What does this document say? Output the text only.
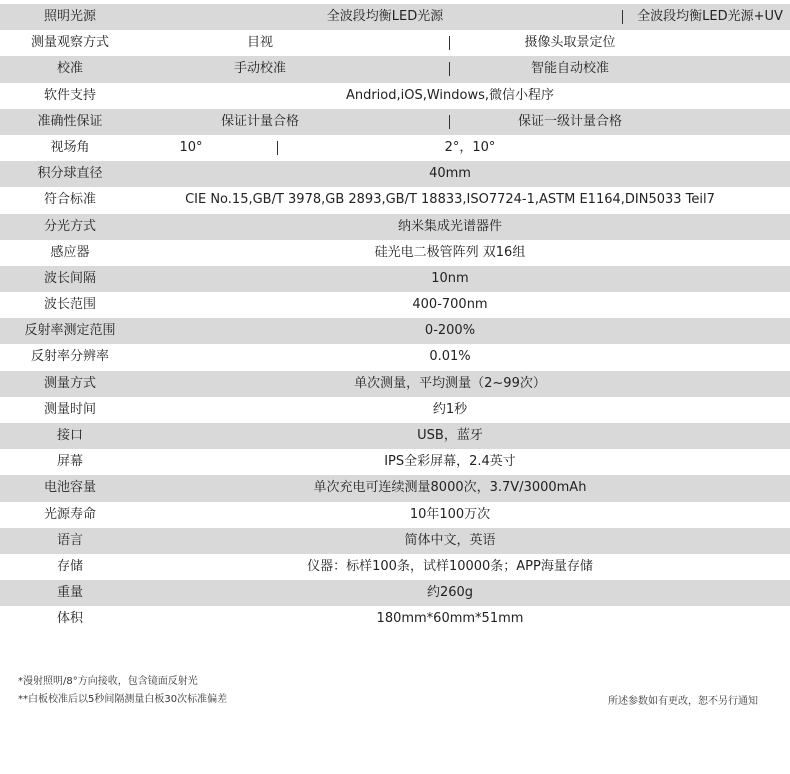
照明光源	全波段均衡LED光源	全波段均衡LED光源+UV
测量观察方式	目视	摄像头取景定位
校准	手动校准	智能自动校准
软件支持	Andriod,iOS,Windows,微信小程序
准确性保证	保证计量合格	保证一级计量合格
视场角	10°	2°，10°
积分球直径	40mm
符合标准	CIE No.15,GB/T 3978,GB 2893,GB/T 18833,ISO7724-1,ASTM E1164,DIN5033 Teil7
分光方式	纳米集成光谱器件
感应器	硅光电二极管阵列 双16组
波长间隔	10nm
波长范围	400-700nm
反射率测定范围	0-200%
反射率分辨率	0.01%
测量方式	单次测量，平均测量（2~99次）
测量时间	约1秒
接口	USB，蓝牙
屏幕	IPS全彩屏幕，2.4英寸
电池容量	单次充电可连续测量8000次，3.7V/3000mAh
光源寿命	10年100万次
语言	简体中文，英语
存储	仪器：标样100条，试样10000条；APP海量存储
重量	约260g
体积	180mm*60mm*51mm
*漫射照明/8°方向接收，包含镜面反射光
**白板校准后以5秒间隔测量白板30次标准偏差	所述参数如有更改，恕不另行通知
